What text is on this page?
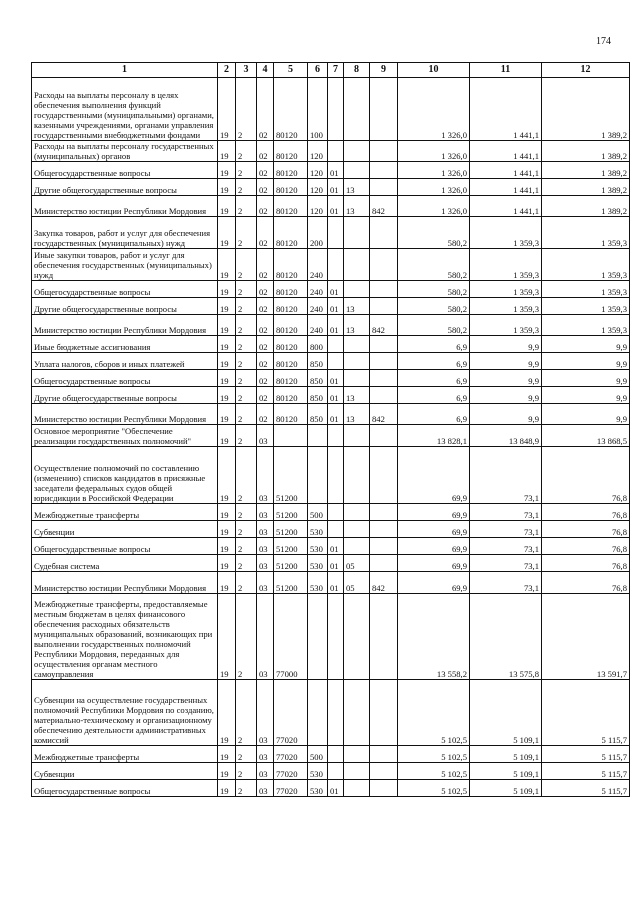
174
1	2	3	4	5	6	7	8	9	10	11	12
Расходы на выплаты персоналу в целях обеспечения выполнения функций государственными (муниципальными) органами, казенными учреждениями, органами управления государственными внебюджетными фондами	19	2	02	80120	100				1 326,0	1 441,1	1 389,2
Расходы на выплаты персоналу государственных (муниципальных) органов	19	2	02	80120	120				1 326,0	1 441,1	1 389,2
Общегосударственные вопросы	19	2	02	80120	120	01			1 326,0	1 441,1	1 389,2
Другие общегосударственные вопросы	19	2	02	80120	120	01	13		1 326,0	1 441,1	1 389,2
Министерство юстиции Республики Мордовия	19	2	02	80120	120	01	13	842	1 326,0	1 441,1	1 389,2
Закупка товаров, работ и услуг для обеспечения государственных (муниципальных) нужд	19	2	02	80120	200				580,2	1 359,3	1 359,3
Иные закупки товаров, работ и услуг для обеспечения государственных (муниципальных) нужд	19	2	02	80120	240				580,2	1 359,3	1 359,3
Общегосударственные вопросы	19	2	02	80120	240	01			580,2	1 359,3	1 359,3
Другие общегосударственные вопросы	19	2	02	80120	240	01	13		580,2	1 359,3	1 359,3
Министерство юстиции Республики Мордовия	19	2	02	80120	240	01	13	842	580,2	1 359,3	1 359,3
Иные бюджетные ассигнования	19	2	02	80120	800				6,9	9,9	9,9
Уплата налогов, сборов и иных платежей	19	2	02	80120	850				6,9	9,9	9,9
Общегосударственные вопросы	19	2	02	80120	850	01			6,9	9,9	9,9
Другие общегосударственные вопросы	19	2	02	80120	850	01	13		6,9	9,9	9,9
Министерство юстиции Республики Мордовия	19	2	02	80120	850	01	13	842	6,9	9,9	9,9
Основное мероприятие "Обеспечение реализации государственных полномочий"	19	2	03						13 828,1	13 848,9	13 868,5
Осуществление полномочий по составлению (изменению) списков кандидатов в присяжные заседатели федеральных судов общей юрисдикции в Российской Федерации	19	2	03	51200					69,9	73,1	76,8
Межбюджетные трансферты	19	2	03	51200	500				69,9	73,1	76,8
Субвенции	19	2	03	51200	530				69,9	73,1	76,8
Общегосударственные вопросы	19	2	03	51200	530	01			69,9	73,1	76,8
Судебная система	19	2	03	51200	530	01	05		69,9	73,1	76,8
Министерство юстиции Республики Мордовия	19	2	03	51200	530	01	05	842	69,9	73,1	76,8
Межбюджетные трансферты, предоставляемые местным бюджетам в целях финансового обеспечения расходных обязательств муниципальных образований, возникающих при выполнении государственных полномочий Республики Мордовия, переданных для осуществления органам местного самоуправления	19	2	03	77000					13 558,2	13 575,8	13 591,7
Субвенции на осуществление государственных полномочий Республики Мордовия по созданию, материально-техническому и организационному обеспечению деятельности административных комиссий	19	2	03	77020					5 102,5	5 109,1	5 115,7
Межбюджетные трансферты	19	2	03	77020	500				5 102,5	5 109,1	5 115,7
Субвенции	19	2	03	77020	530				5 102,5	5 109,1	5 115,7
Общегосударственные вопросы	19	2	03	77020	530	01			5 102,5	5 109,1	5 115,7
